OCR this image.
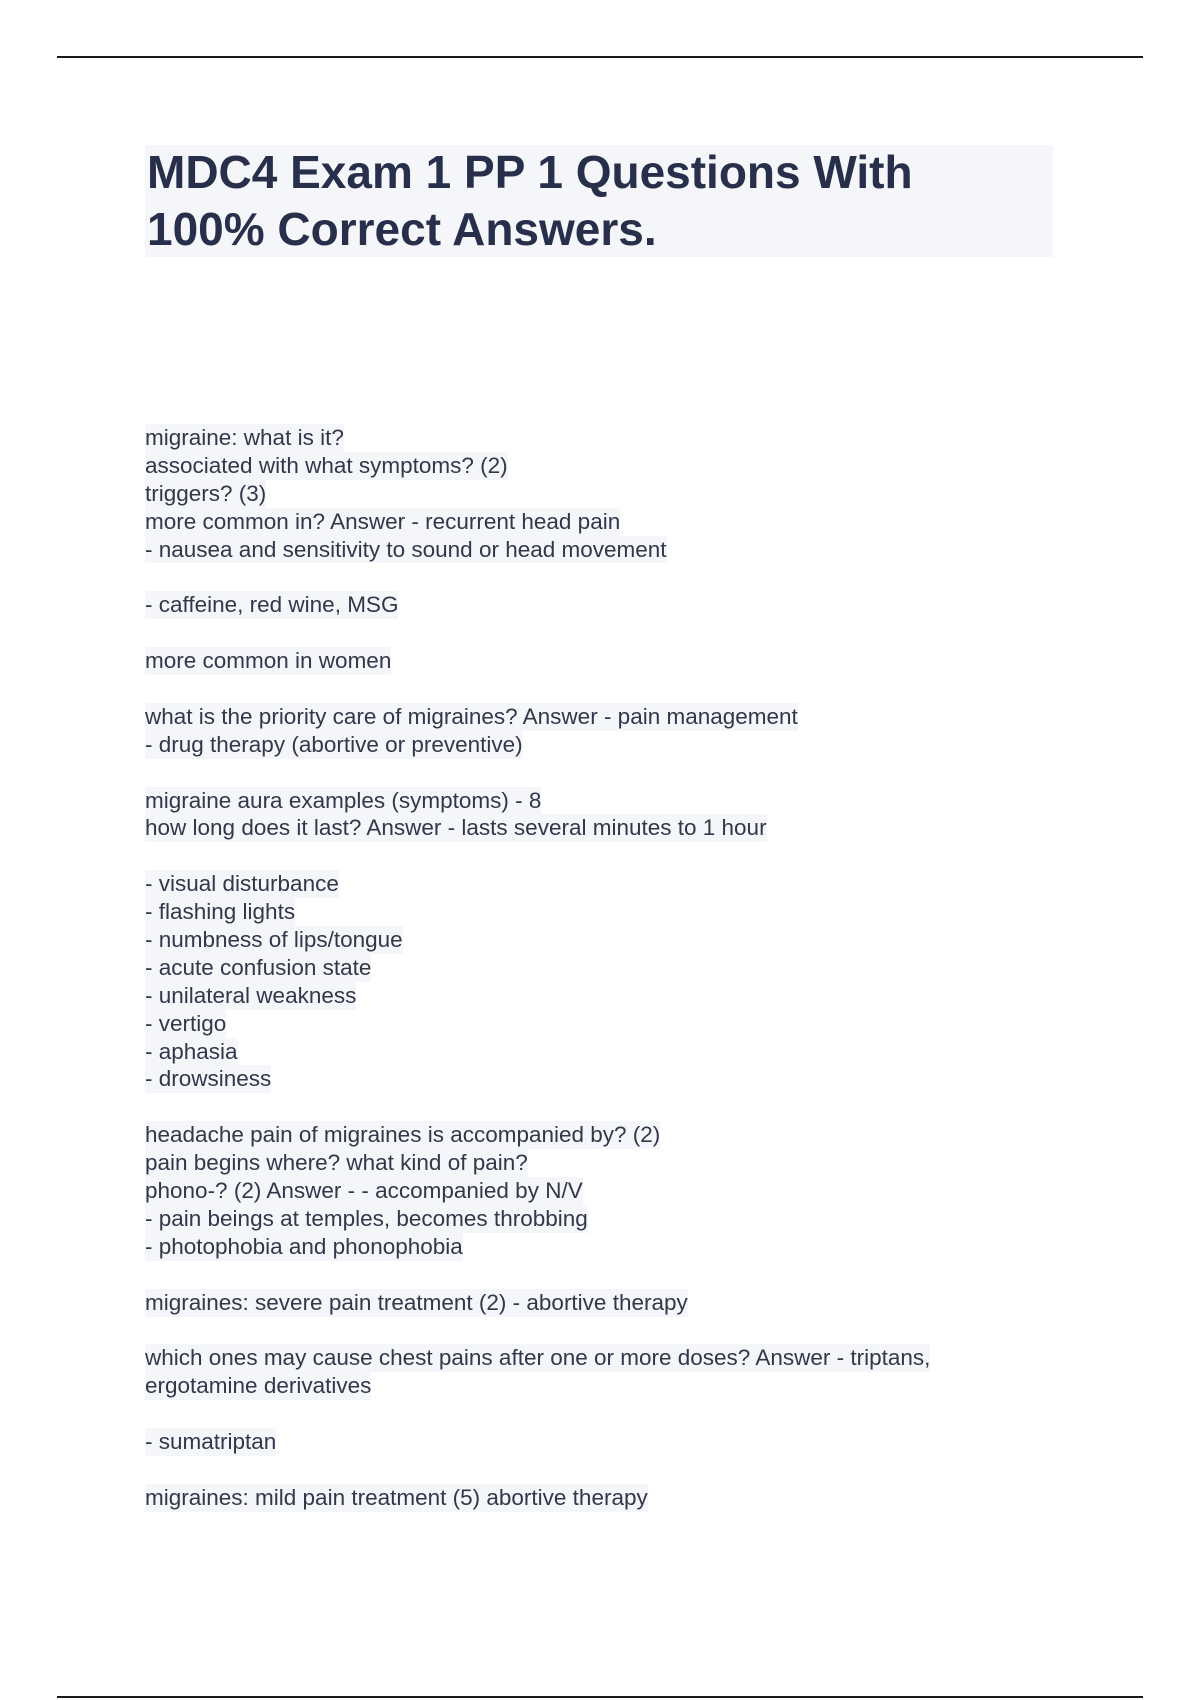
MDC4 Exam 1 PP 1 Questions With
100% Correct Answers.
migraine: what is it?
associated with what symptoms? (2)
triggers? (3)
more common in? Answer - recurrent head pain
- nausea and sensitivity to sound or head movement
- caffeine, red wine, MSG
more common in women
what is the priority care of migraines? Answer - pain management
- drug therapy (abortive or preventive)
migraine aura examples (symptoms) - 8
how long does it last? Answer - lasts several minutes to 1 hour
- visual disturbance
- flashing lights
- numbness of lips/tongue
- acute confusion state
- unilateral weakness
- vertigo
- aphasia
- drowsiness
headache pain of migraines is accompanied by? (2)
pain begins where? what kind of pain?
phono-? (2) Answer - - accompanied by N/V
- pain beings at temples, becomes throbbing
- photophobia and phonophobia
migraines: severe pain treatment (2) - abortive therapy
which ones may cause chest pains after one or more doses? Answer - triptans,
ergotamine derivatives
- sumatriptan
migraines: mild pain treatment (5) abortive therapy
